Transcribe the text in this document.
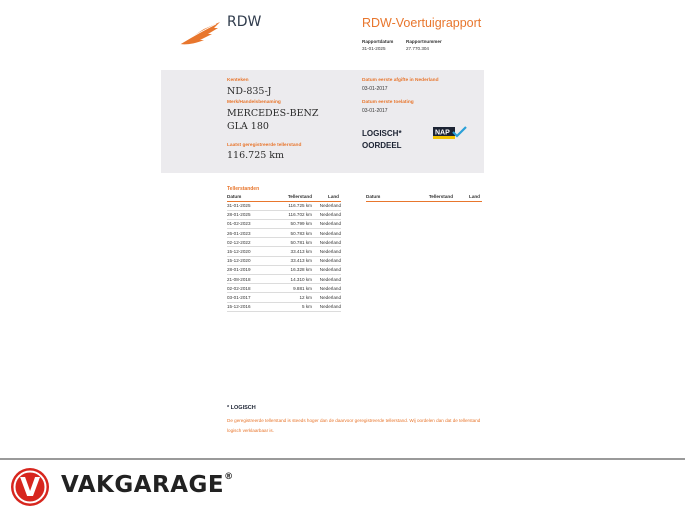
RDW	RDW-Voertuigrapport
Rapportdatum
31-01-2025
Rapportnummer
27.770.304
Kenteken
ND-835-J
Merk/Handelsbenaming
MERCEDES-BENZ
GLA 180
Laatst geregistreerde tellerstand
116.725 km
Datum eerste afgifte in Nederland
03-01-2017
Datum eerste toelating
03-01-2017
LOGISCH*
OORDEEL
NAP
Tellerstanden
Datum	Tellerstand	Land
31-01-2025	116.725 km	Nederland
28-01-2025	116.702 km	Nederland
01-02-2023	50.799 km	Nederland
26-01-2023	50.783 km	Nederland
02-12-2022	50.781 km	Nederland
15-12-2020	33.413 km	Nederland
15-12-2020	33.413 km	Nederland
28-01-2019	16.328 km	Nederland
21-08-2018	14.310 km	Nederland
02-02-2018	9.881 km	Nederland
03-01-2017	12 km	Nederland
15-12-2016	5 km	Nederland
Datum	Tellerstand	Land
* LOGISCH
De geregistreerde tellerstand is steeds hoger dan de daarvoor geregistreerde tellerstand. Wij oordelen dan dat de tellerstand logisch verklaarbaar is.
V VAKGARAGE®
